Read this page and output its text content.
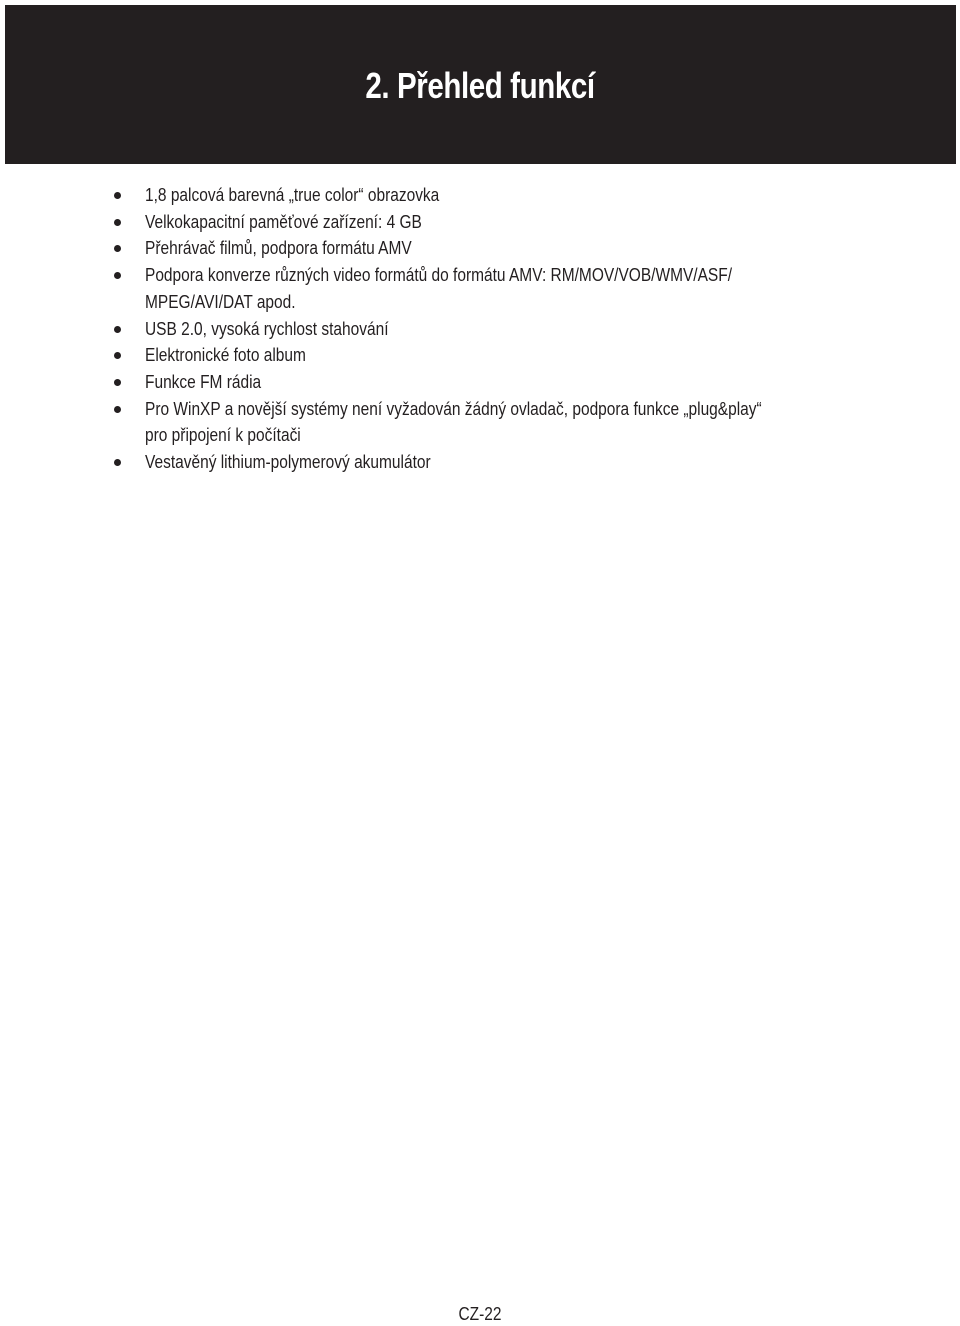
2. Přehled funkcí
1,8 palcová barevná „true color“ obrazovka
Velkokapacitní paměťové zařízení: 4 GB
Přehrávač filmů, podpora formátu AMV
Podpora konverze různých video formátů do formátu AMV: RM/MOV/VOB/WMV/ASF/
MPEG/AVI/DAT apod.
USB 2.0, vysoká rychlost stahování
Elektronické foto album
Funkce FM rádia
Pro WinXP a novější systémy není vyžadován žádný ovladač, podpora funkce „plug&play“
pro připojení k počítači
Vestavěný lithium-polymerový akumulátor
CZ-22
